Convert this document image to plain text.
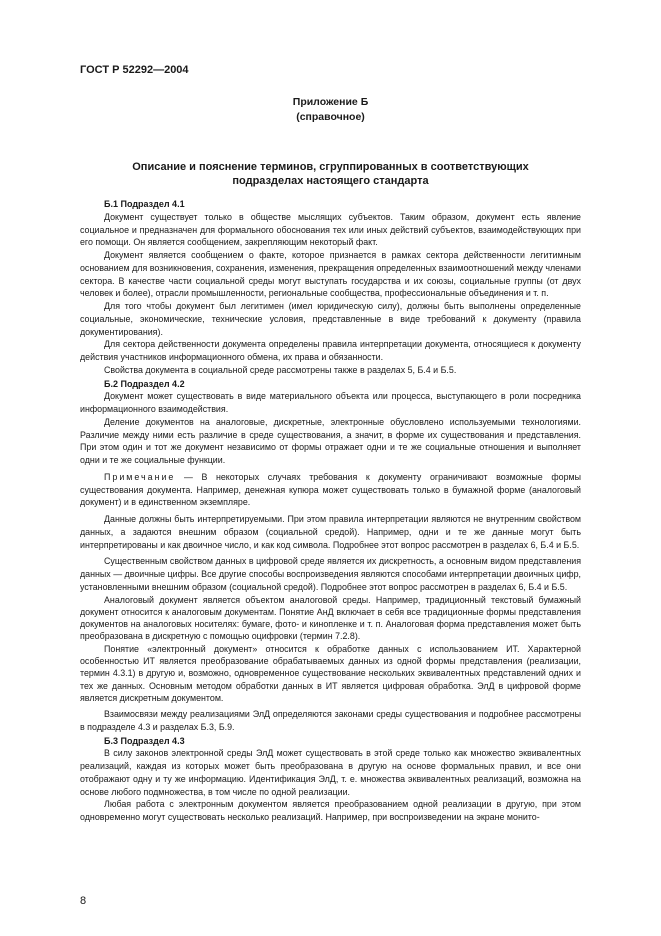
ГОСТ Р 52292—2004
Приложение Б
(справочное)
Описание и пояснение терминов, сгруппированных в соответствующих
подразделах настоящего стандарта
Б.1 Подраздел 4.1

Документ существует только в обществе мыслящих субъектов. Таким образом, документ есть явление социальное и предназначен для формального обоснования тех или иных действий субъектов, взаимодействующих при его помощи. Он является сообщением, закрепляющим некоторый факт.

Документ является сообщением о факте, которое признается в рамках сектора действенности легитимным основанием для возникновения, сохранения, изменения, прекращения определенных взаимоотношений между членами сектора. В качестве части социальной среды могут выступать государства и их союзы, социальные группы (от двух человек и более), отрасли промышленности, региональные сообщества, профессиональные объединения и т. п.

Для того чтобы документ был легитимен (имел юридическую силу), должны быть выполнены определенные социальные, экономические, технические условия, представленные в виде требований к документу (правила документирования).

Для сектора действенности документа определены правила интерпретации документа, относящиеся к документу действия участников информационного обмена, их права и обязанности.

Свойства документа в социальной среде рассмотрены также в разделах 5, Б.4 и Б.5.

Б.2 Подраздел 4.2

Документ может существовать в виде материального объекта или процесса, выступающего в роли посредника информационного взаимодействия.

Деление документов на аналоговые, дискретные, электронные обусловлено используемыми технологиями. Различие между ними есть различие в среде существования, а значит, в форме их существования и представления. При этом один и тот же документ независимо от формы отражает одни и те же социальные отношения и выполняет одни и те же социальные функции.

Примечание — В некоторых случаях требования к документу ограничивают возможные формы существования документа. Например, денежная купюра может существовать только в бумажной форме (аналоговый документ) и в единственном экземпляре.

Данные должны быть интерпретируемыми. При этом правила интерпретации являются не внутренним свойством данных, а задаются внешним образом (социальной средой). Например, одни и те же данные могут быть интерпретированы и как двоичное число, и как код символа. Подробнее этот вопрос рассмотрен в разделах 6, Б.4 и Б.5.

Существенным свойством данных в цифровой среде является их дискретность, а основным видом представления данных — двоичные цифры. Все другие способы воспроизведения являются способами интерпретации двоичных цифр, установленными внешним образом (социальной средой). Подробнее этот вопрос рассмотрен в разделах 6, Б.4 и Б.5.

Аналоговый документ является объектом аналоговой среды. Например, традиционный текстовый бумажный документ относится к аналоговым документам. Понятие АнД включает в себя все традиционные формы представления документов на аналоговых носителях: бумаге, фото- и кинопленке и т. п. Аналоговая форма представления может быть преобразована в дискретную с помощью оцифровки (термин 7.2.8).

Понятие «электронный документ» относится к обработке данных с использованием ИТ. Характерной особенностью ИТ является преобразование обрабатываемых данных из одной формы представления (реализации, термин 4.3.1) в другую и, возможно, одновременное существование нескольких эквивалентных представлений одних и тех же данных. Основным методом обработки данных в ИТ является цифровая обработка. ЭлД в цифровой форме является дискретным документом.

Взаимосвязи между реализациями ЭлД определяются законами среды существования и подробнее рассмотрены в подразделе 4.3 и разделах Б.3, Б.9.

Б.3 Подраздел 4.3

В силу законов электронной среды ЭлД может существовать в этой среде только как множество эквивалентных реализаций, каждая из которых может быть преобразована в другую на основе формальных правил, и все они отображают одну и ту же информацию. Идентификация ЭлД, т. е. множества эквивалентных реализаций, возможна на основе любого подмножества, в том числе по одной реализации.

Любая работа с электронным документом является преобразованием одной реализации в другую, при этом одновременно могут существовать несколько реализаций. Например, при воспроизведении на экране монито-

8
